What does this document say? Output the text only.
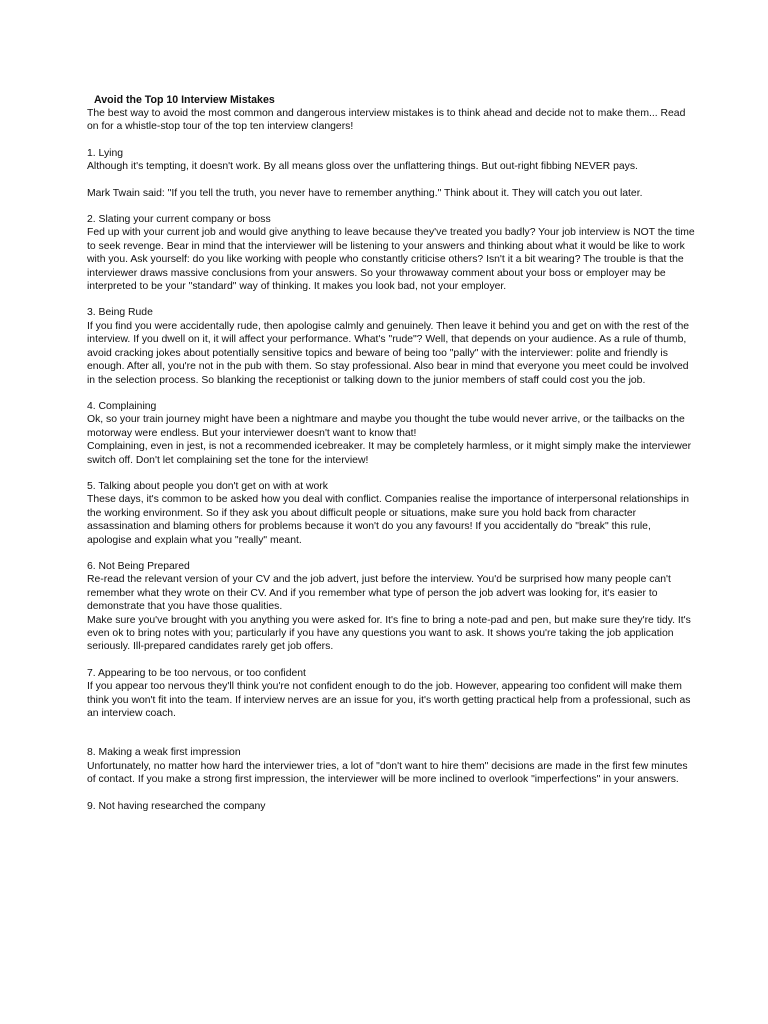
Avoid the Top 10 Interview Mistakes

The best way to avoid the most common and dangerous interview mistakes is to think ahead and decide not to make them... Read on for a whistle-stop tour of the top ten interview clangers!

1. Lying

Although it's tempting, it doesn't work. By all means gloss over the unflattering things. But out-right fibbing NEVER pays.

Mark Twain said: "If you tell the truth, you never have to remember anything." Think about it. They will catch you out later.

2. Slating your current company or boss

Fed up with your current job and would give anything to leave because they've treated you badly? Your job interview is NOT the time to seek revenge. Bear in mind that the interviewer will be listening to your answers and thinking about what it would be like to work with you. Ask yourself: do you like working with people who constantly criticise others? Isn't it a bit wearing? The trouble is that the interviewer draws massive conclusions from your answers. So your throwaway comment about your boss or employer may be interpreted to be your "standard" way of thinking. It makes you look bad, not your employer.

3. Being Rude

If you find you were accidentally rude, then apologise calmly and genuinely. Then leave it behind you and get on with the rest of the interview. If you dwell on it, it will affect your performance. What's "rude"? Well, that depends on your audience. As a rule of thumb, avoid cracking jokes about potentially sensitive topics and beware of being too "pally" with the interviewer: polite and friendly is enough. After all, you're not in the pub with them. So stay professional. Also bear in mind that everyone you meet could be involved in the selection process. So blanking the receptionist or talking down to the junior members of staff could cost you the job.

4. Complaining

Ok, so your train journey might have been a nightmare and maybe you thought the tube would never arrive, or the tailbacks on the motorway were endless. But your interviewer doesn't want to know that!

Complaining, even in jest, is not a recommended icebreaker. It may be completely harmless, or it might simply make the interviewer switch off. Don't let complaining set the tone for the interview!

5. Talking about people you don't get on with at work

These days, it's common to be asked how you deal with conflict. Companies realise the importance of interpersonal relationships in the working environment. So if they ask you about difficult people or situations, make sure you hold back from character assassination and blaming others for problems because it won't do you any favours! If you accidentally do "break" this rule, apologise and explain what you "really" meant.

6. Not Being Prepared

Re-read the relevant version of your CV and the job advert, just before the interview. You'd be surprised how many people can't remember what they wrote on their CV. And if you remember what type of person the job advert was looking for, it's easier to demonstrate that you have those qualities.

Make sure you've brought with you anything you were asked for. It's fine to bring a note-pad and pen, but make sure they're tidy. It's even ok to bring notes with you; particularly if you have any questions you want to ask. It shows you're taking the job application seriously. Ill-prepared candidates rarely get job offers.

7. Appearing to be too nervous, or too confident

If you appear too nervous they'll think you're not confident enough to do the job. However, appearing too confident will make them think you won't fit into the team. If interview nerves are an issue for you, it's worth getting practical help from a professional, such as an interview coach.

8. Making a weak first impression

Unfortunately, no matter how hard the interviewer tries, a lot of "don't want to hire them" decisions are made in the first few minutes of contact. If you make a strong first impression, the interviewer will be more inclined to overlook "imperfections" in your answers.

9. Not having researched the company
